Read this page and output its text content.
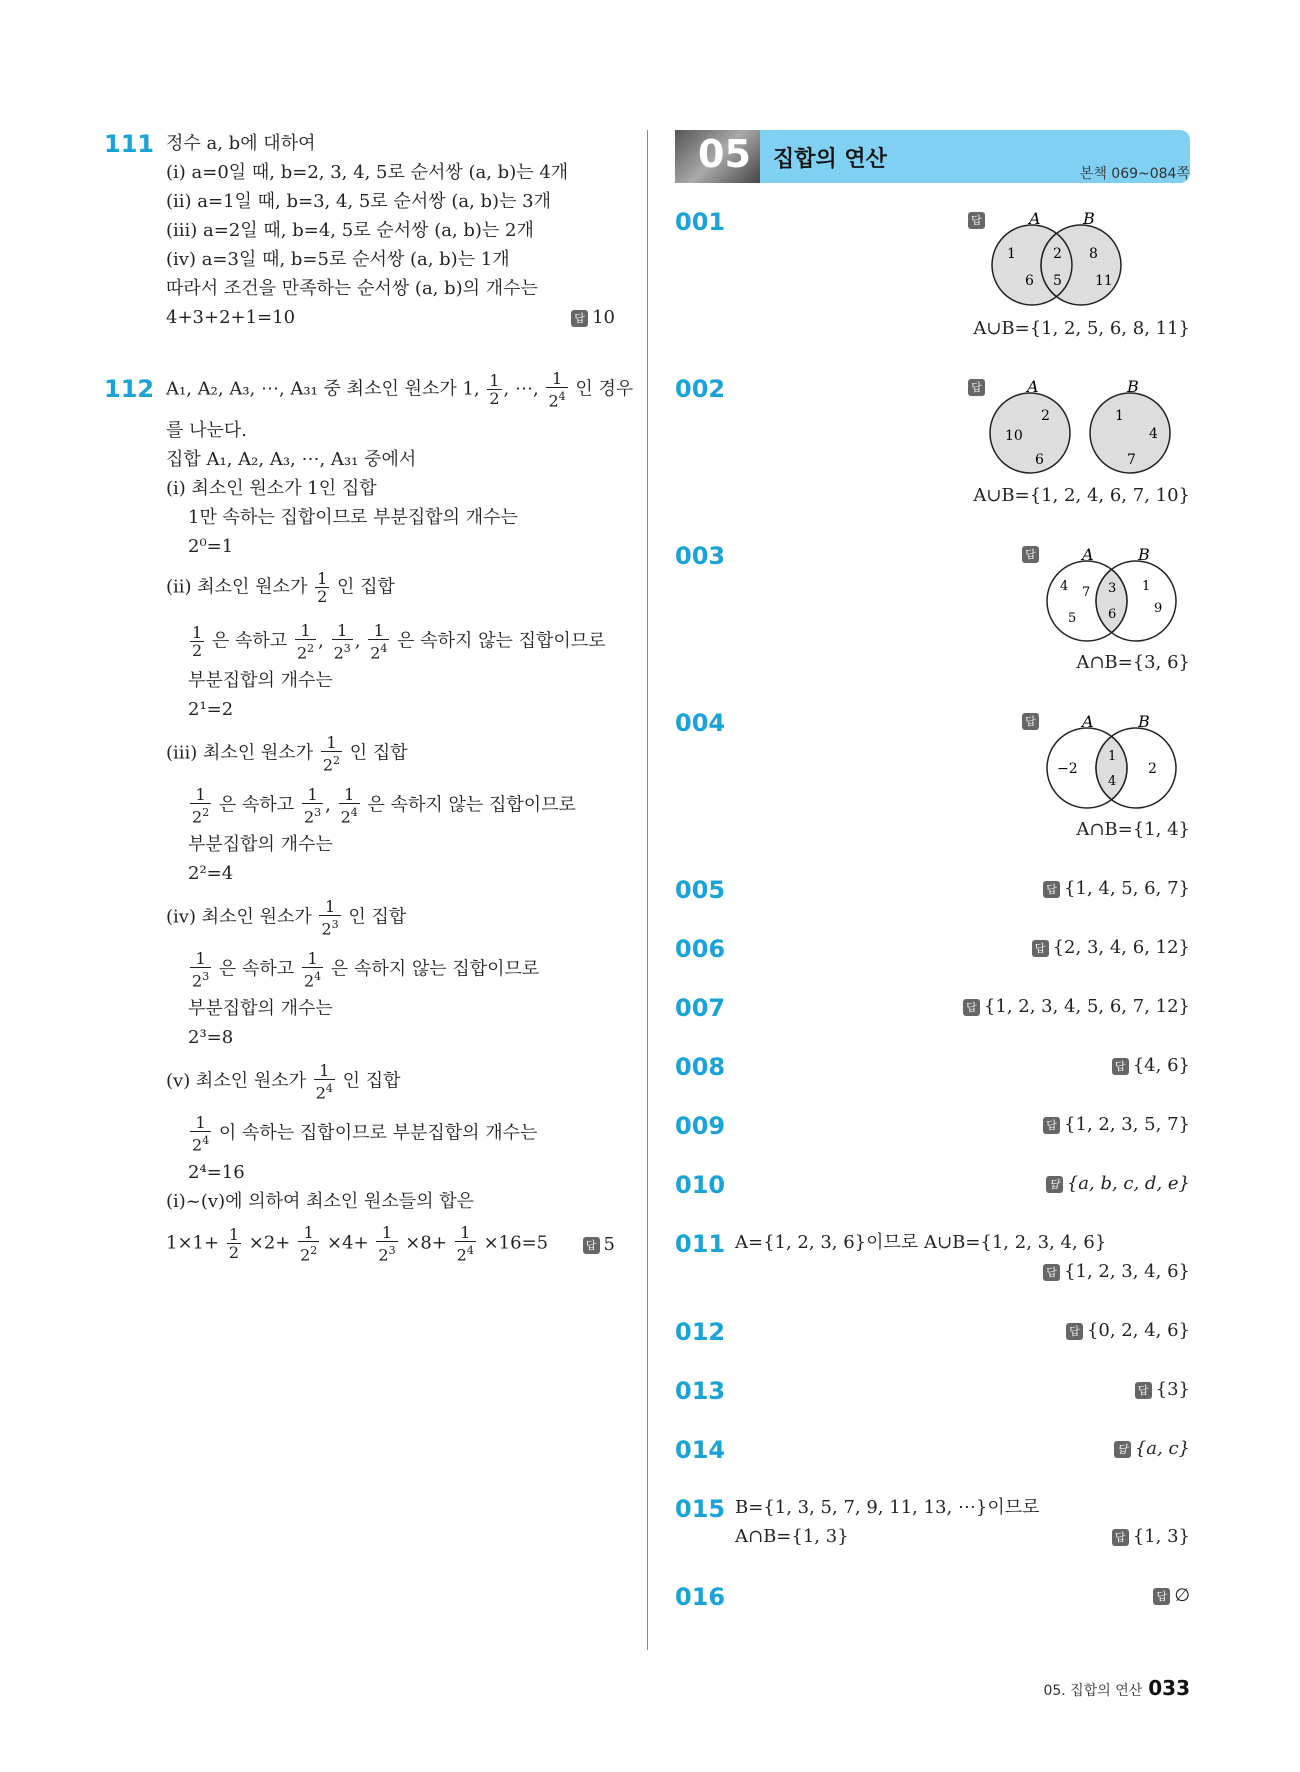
111 정수 a, b에 대하여
(ⅰ) a=0일 때, b=2, 3, 4, 5로 순서쌍 (a, b)는 4개
(ⅱ) a=1일 때, b=3, 4, 5로 순서쌍 (a, b)는 3개
(ⅲ) a=2일 때, b=4, 5로 순서쌍 (a, b)는 2개
(ⅳ) a=3일 때, b=5로 순서쌍 (a, b)는 1개
따라서 조건을 만족하는 순서쌍 (a, b)의 개수는
4+3+2+1=10	답 10
112 A₁, A₂, A₃, ⋯, A₃₁ 중 최소인 원소가 1, $\frac{1}{2}$ , ⋯, $\frac{1}{2^4}$ 인 경우
를 나눈다.
집합 A₁, A₂, A₃, ⋯, A₃₁ 중에서
(ⅰ) 최소인 원소가 1인 집합
1만 속하는 집합이므로 부분집합의 개수는
2⁰=1
(ⅱ) 최소인 원소가 $\frac{1}{2}$ 인 집합
$\frac{1}{2}$ 은 속하고 $\frac{1}{2^2}$ , $\frac{1}{2^3}$ , $\frac{1}{2^4}$ 은 속하지 않는 집합이므로
부분집합의 개수는
2¹=2
(ⅲ) 최소인 원소가 $\frac{1}{2^2}$ 인 집합
$\frac{1}{2^2}$ 은 속하고 $\frac{1}{2^3}$ , $\frac{1}{2^4}$ 은 속하지 않는 집합이므로
부분집합의 개수는
2²=4
(ⅳ) 최소인 원소가 $\frac{1}{2^3}$ 인 집합
$\frac{1}{2^3}$ 은 속하고 $\frac{1}{2^4}$ 은 속하지 않는 집합이므로
부분집합의 개수는
2³=8
(ⅴ) 최소인 원소가 $\frac{1}{2^4}$ 인 집합
$\frac{1}{2^4}$ 이 속하는 집합이므로 부분집합의 개수는
2⁴=16
(ⅰ)~(ⅴ)에 의하여 최소인 원소들의 합은
$1\times 1+ \frac{1}{2} \times 2+ \frac{1}{2^2} \times 4+ \frac{1}{2^3} \times 8+ \frac{1}{2^4} \times 16=5$	답 5
05 집합의 연산
본책 069~084쪽
001	답	A	B
1
6
2
5
8
11
A∪B={1, 2, 5, 6, 8, 11}
002	답	A	B
2
10
6
1
4
7
A∪B={1, 2, 4, 6, 7, 10}
003	답	A	B
4 7
5
3
6
1
9
A∩B={3, 6}
004	답	A	B
−2
1
4
2
A∩B={1, 4}
005	답 {1, 4, 5, 6, 7}
006	답 {2, 3, 4, 6, 12}
007	답 {1, 2, 3, 4, 5, 6, 7, 12}
008	답 {4, 6}
009	답 {1, 2, 3, 5, 7}
010	답 {a, b, c, d, e}
011 A={1, 2, 3, 6}이므로 A∪B={1, 2, 3, 4, 6}
답 {1, 2, 3, 4, 6}
012	답 {0, 2, 4, 6}
013	답 {3}
014	답 {a, c}
015 B={1, 3, 5, 7, 9, 11, 13, ⋯}이므로
A∩B={1, 3}	답 {1, 3}
016	답 ∅
05. 집합의 연산 033
